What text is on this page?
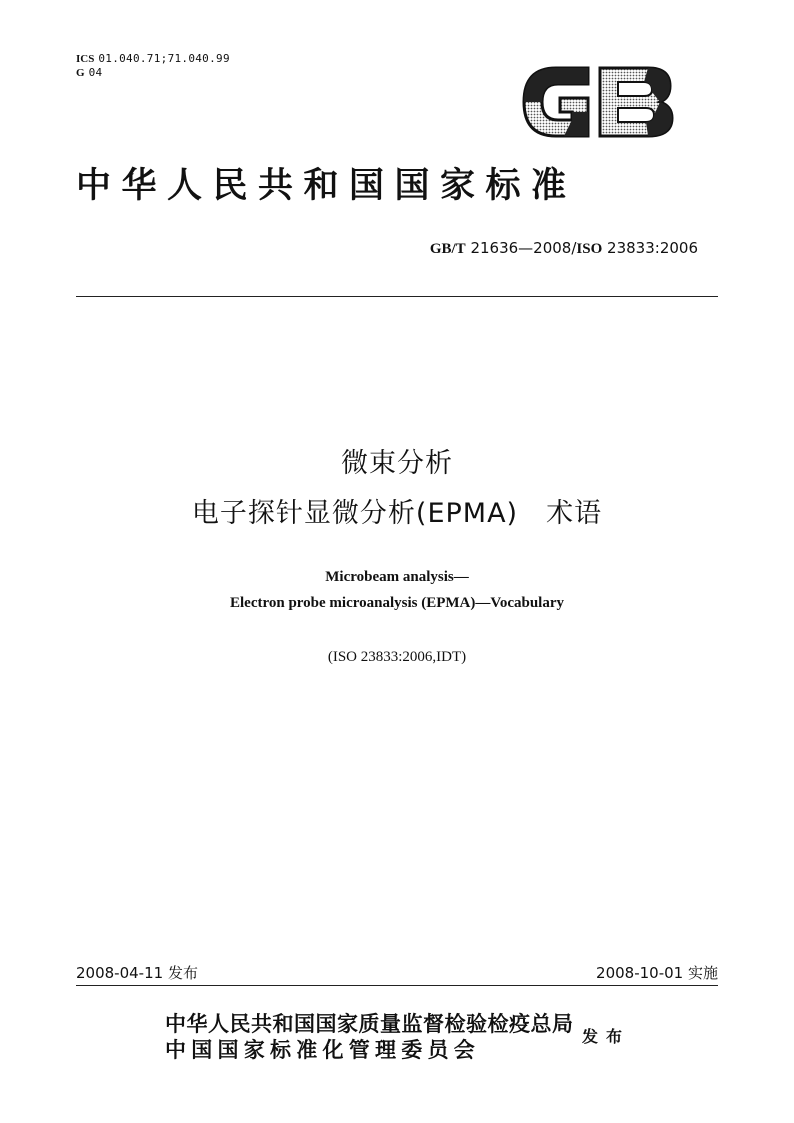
ICS 01.040.71;71.040.99
G 04
中华人民共和国国家标准
GB/T 21636—2008/ISO 23833:2006
微束分析
电子探针显微分析(EPMA)　术语
Microbeam analysis—
Electron probe microanalysis (EPMA)—Vocabulary
(ISO 23833:2006,IDT)
2008-04-11 发布	2008-10-01 实施
中华人民共和国国家质量监督检验检疫总局
中 国 国 家 标 准 化 管 理 委 员 会
发布
